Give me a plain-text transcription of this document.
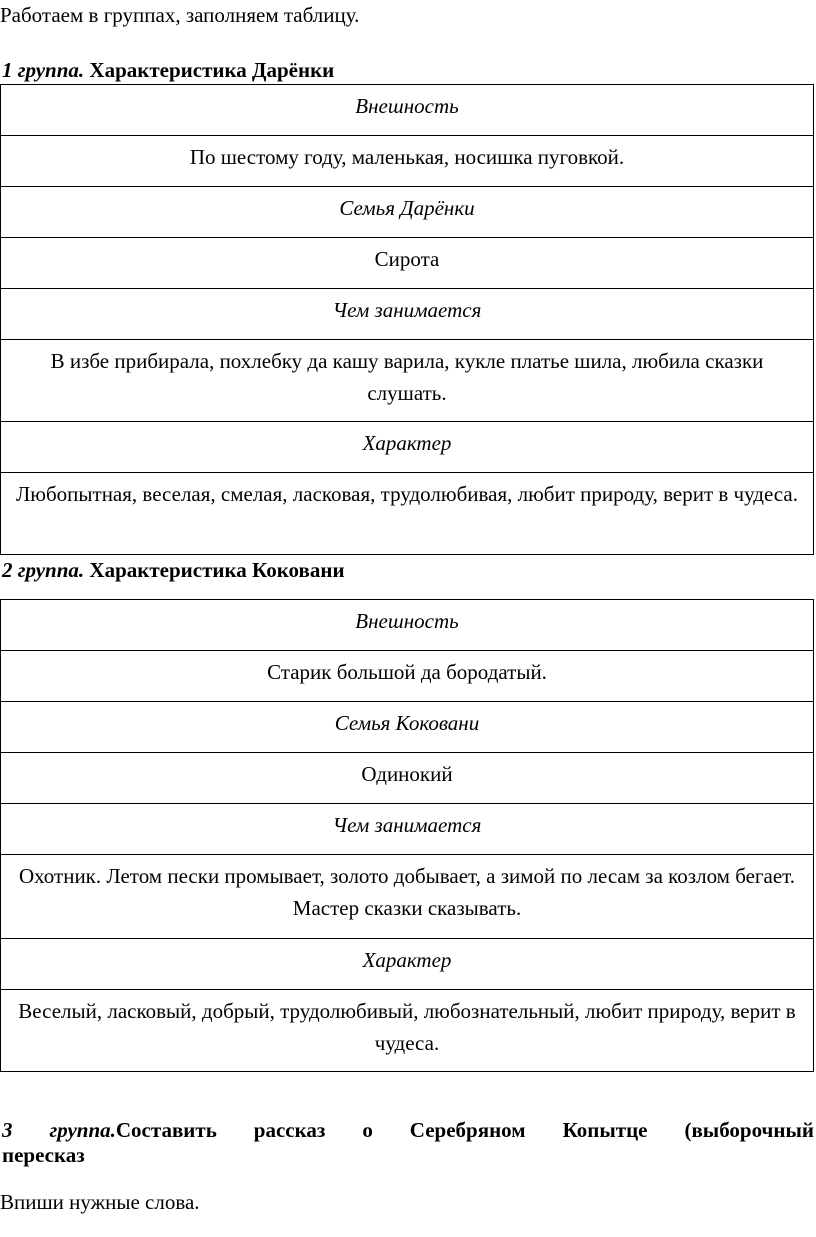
Работаем в группах, заполняем таблицу.
1 группа. Характеристика Дарёнки
Внешность
По шестому году, маленькая, носишка пуговкой.
Семья Дарёнки
Сирота
Чем занимается
В избе прибирала, похлебку да кашу варила, кукле платье шила, любила сказки слушать.
Характер
Любопытная, веселая, смелая, ласковая, трудолюбивая, любит природу, верит в чудеса.
2 группа. Характеристика Коковани
Внешность
Старик большой да бородатый.
Семья Коковани
Одинокий
Чем занимается
Охотник. Летом пески промывает, золото добывает, а зимой по лесам за козлом бегает. Мастер сказки сказывать.
Характер
Веселый, ласковый, добрый, трудолюбивый, любознательный, любит природу, верит в чудеса.
3 группа.Составить рассказ о Серебряном Копытце (выборочный
пересказ
Впиши нужные слова.
